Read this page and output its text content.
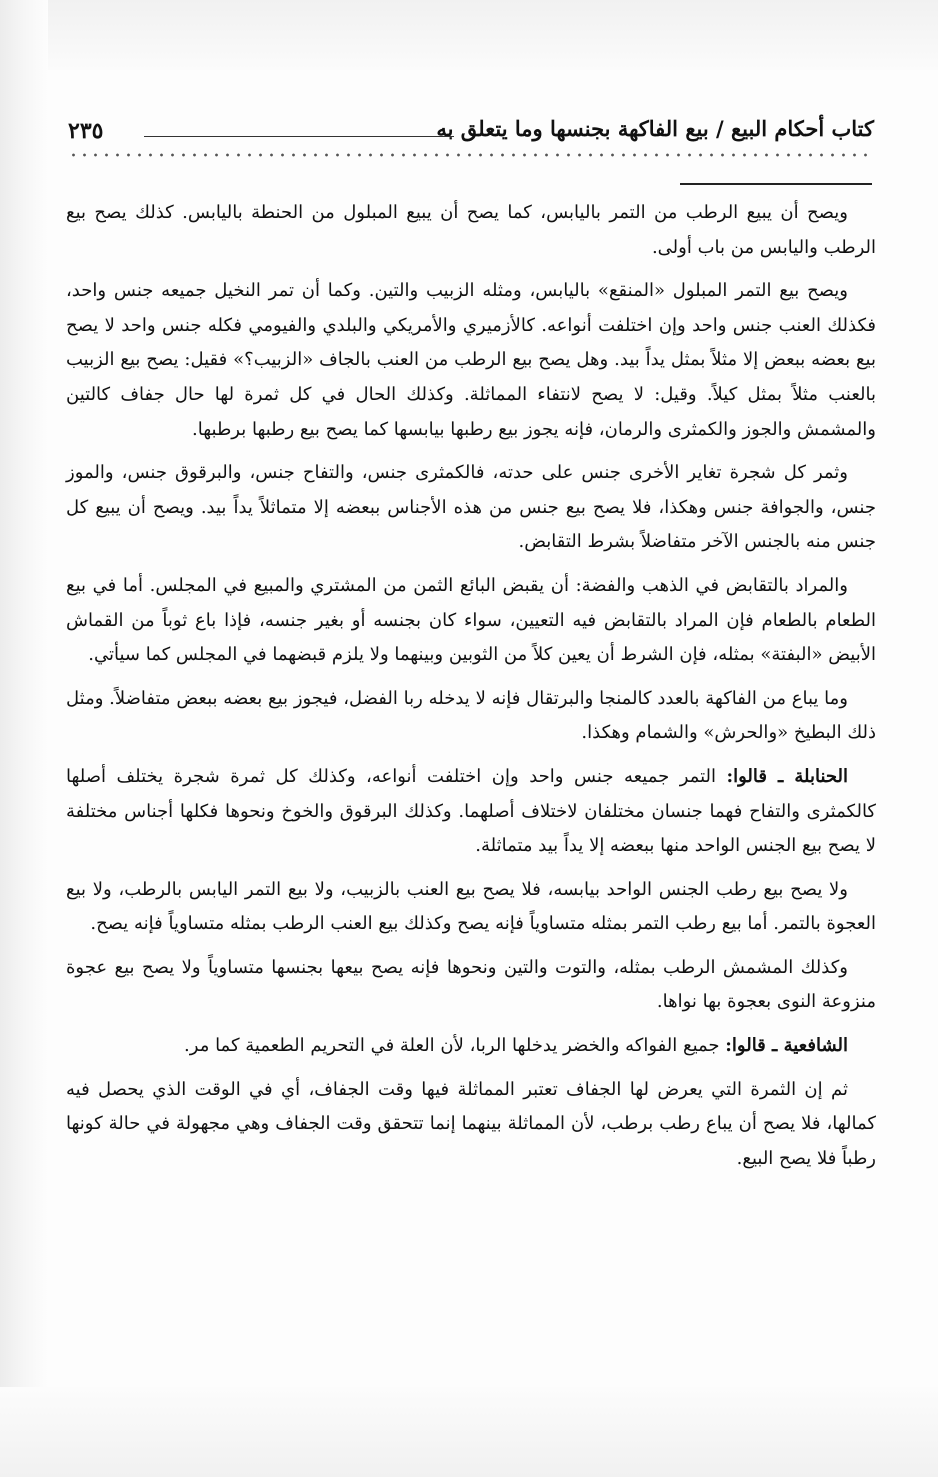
كتاب أحكام البيع / بيع الفاكهة بجنسها وما يتعلق به
٢٣٥

ويصح أن يبيع الرطب من التمر باليابس، كما يصح أن يبيع المبلول من الحنطة باليابس. كذلك يصح بيع الرطب واليابس من باب أولى.

ويصح بيع التمر المبلول «المنقع» باليابس، ومثله الزبيب والتين. وكما أن تمر النخيل جميعه جنس واحد، فكذلك العنب جنس واحد وإن اختلفت أنواعه. كالأزميري والأمريكي والبلدي والفيومي فكله جنس واحد لا يصح بيع بعضه ببعض إلا مثلاً بمثل يداً بيد. وهل يصح بيع الرطب من العنب بالجاف «الزبيب؟» فقيل: يصح بيع الزبيب بالعنب مثلاً بمثل كيلاً. وقيل: لا يصح لانتفاء المماثلة. وكذلك الحال في كل ثمرة لها حال جفاف كالتين والمشمش والجوز والكمثرى والرمان، فإنه يجوز بيع رطبها بيابسها كما يصح بيع رطبها برطبها.

وثمر كل شجرة تغاير الأخرى جنس على حدته، فالكمثرى جنس، والتفاح جنس، والبرقوق جنس، والموز جنس، والجوافة جنس وهكذا، فلا يصح بيع جنس من هذه الأجناس ببعضه إلا متماثلاً يداً بيد. ويصح أن يبيع كل جنس منه بالجنس الآخر متفاضلاً بشرط التقابض.

والمراد بالتقابض في الذهب والفضة: أن يقبض البائع الثمن من المشتري والمبيع في المجلس. أما في بيع الطعام بالطعام فإن المراد بالتقابض فيه التعيين، سواء كان بجنسه أو بغير جنسه، فإذا باع ثوباً من القماش الأبيض «البفتة» بمثله، فإن الشرط أن يعين كلاً من الثوبين وبينهما ولا يلزم قبضهما في المجلس كما سيأتي.

وما يباع من الفاكهة بالعدد كالمنجا والبرتقال فإنه لا يدخله ربا الفضل، فيجوز بيع بعضه ببعض متفاضلاً. ومثل ذلك البطيخ «والحرش» والشمام وهكذا.

الحنابلة ـ قالوا: التمر جميعه جنس واحد وإن اختلفت أنواعه، وكذلك كل ثمرة شجرة يختلف أصلها كالكمثرى والتفاح فهما جنسان مختلفان لاختلاف أصلهما. وكذلك البرقوق والخوخ ونحوها فكلها أجناس مختلفة لا يصح بيع الجنس الواحد منها ببعضه إلا يداً بيد متماثلة.

ولا يصح بيع رطب الجنس الواحد بيابسه، فلا يصح بيع العنب بالزبيب، ولا بيع التمر اليابس بالرطب، ولا بيع العجوة بالتمر. أما بيع رطب التمر بمثله متساوياً فإنه يصح وكذلك بيع العنب الرطب بمثله متساوياً فإنه يصح.

وكذلك المشمش الرطب بمثله، والتوت والتين ونحوها فإنه يصح بيعها بجنسها متساوياً ولا يصح بيع عجوة منزوعة النوى بعجوة بها نواها.

الشافعية ـ قالوا: جميع الفواكه والخضر يدخلها الربا، لأن العلة في التحريم الطعمية كما مر.

ثم إن الثمرة التي يعرض لها الجفاف تعتبر المماثلة فيها وقت الجفاف، أي في الوقت الذي يحصل فيه كمالها، فلا يصح أن يباع رطب برطب، لأن المماثلة بينهما إنما تتحقق وقت الجفاف وهي مجهولة في حالة كونها رطباً فلا يصح البيع.
